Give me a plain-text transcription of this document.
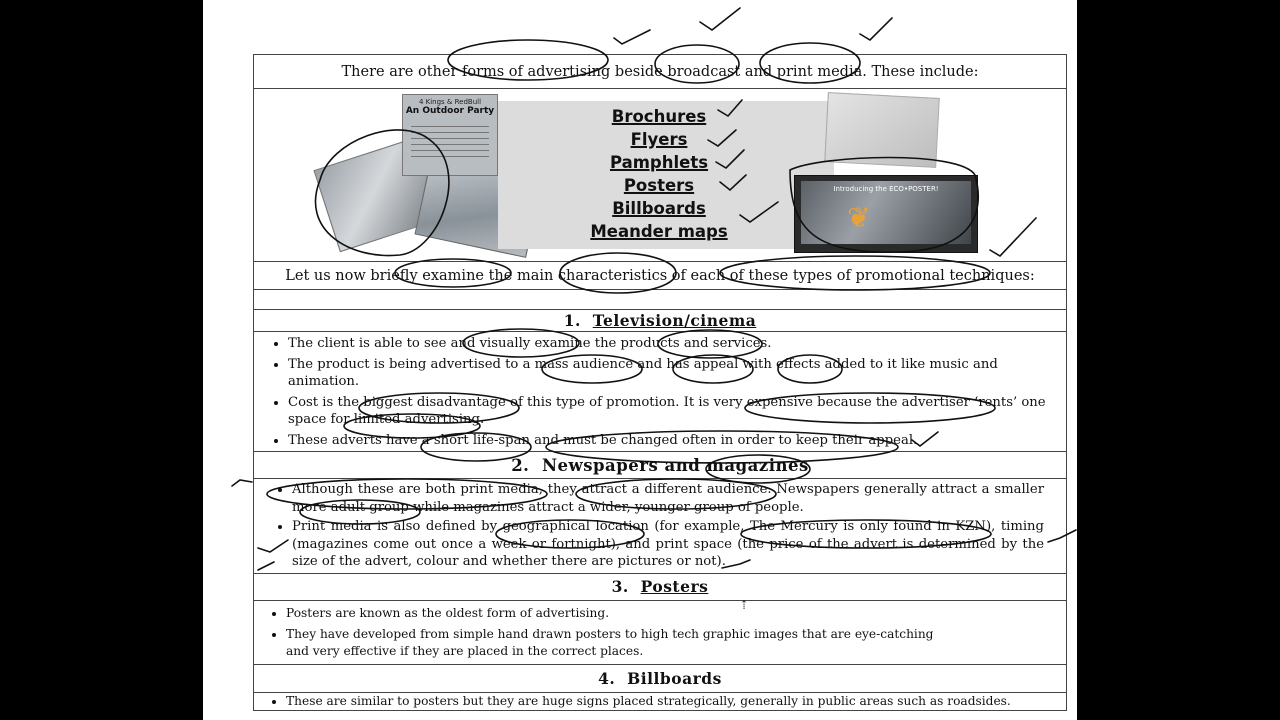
There are other forms of advertising beside broadcast and print media. These include:

4 Kings & RedBull
An Outdoor Party	Brochures
Flyers
Pamphlets
Posters
Billboards
Meander maps
Introducing the ECO•POSTER!
❦

Let us now briefly examine the main characteristics of each of these types of promotional techniques:

1. Television/cinema

• The client is able to see and visually examine the products and services.
• The product is being advertised to a mass audience and has appeal with effects added to it like music and animation.
• Cost is the biggest disadvantage of this type of promotion. It is very expensive because the advertiser ‘rents’ one space for limited advertising.
• These adverts have a short life-span and must be changed often in order to keep their appeal.

2. Newspapers and magazines

• Although these are both print media, they attract a different audience. Newspapers generally attract a smaller more adult group while magazines attract a wider, younger group of people.
• Print media is also defined by geographical location (for example, The Mercury is only found in KZN), timing (magazines come out once a week or fortnight), and print space (the price of the advert is determined by the size of the advert, colour and whether there are pictures or not).

3. Posters

• Posters are known as the oldest form of advertising.
• They have developed from simple hand drawn posters to high tech graphic images that are eye-catching and very effective if they are placed in the correct places.

4. Billboards

• These are similar to posters but they are huge signs placed strategically, generally in public areas such as roadsides.
⇡
